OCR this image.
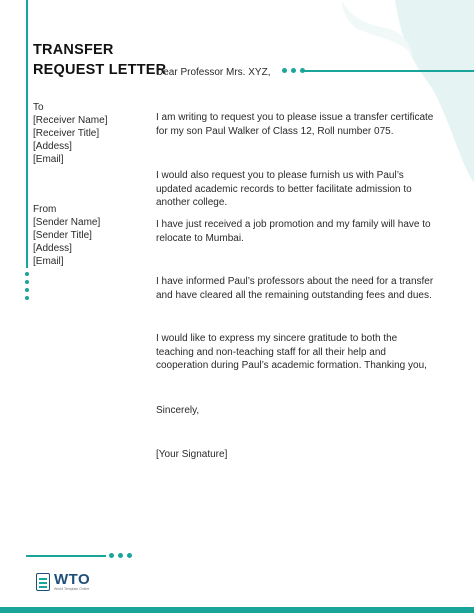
TRANSFER
REQUEST LETTER
To
[Receiver Name]
[Receiver Title]
[Addess]
[Email]
From
[Sender Name]
[Sender Title]
[Addess]
[Email]
Dear Professor Mrs. XYZ,
I am writing to request you to please issue a transfer certificate
for my son Paul Walker of Class 12, Roll number 075.
I would also request you to please furnish us with Paul’s
updated academic records to better facilitate admission to
another college.
I have just received a job promotion and my family will have to
relocate to Mumbai.
I have informed Paul’s professors about the need for a transfer
and have cleared all the remaining outstanding fees and dues.
I would like to express my sincere gratitude to both the
teaching and non-teaching staff for all their help and
cooperation during Paul’s academic formation. Thanking you,
Sincerely,
[Your Signature]
WTO
World Template Online
